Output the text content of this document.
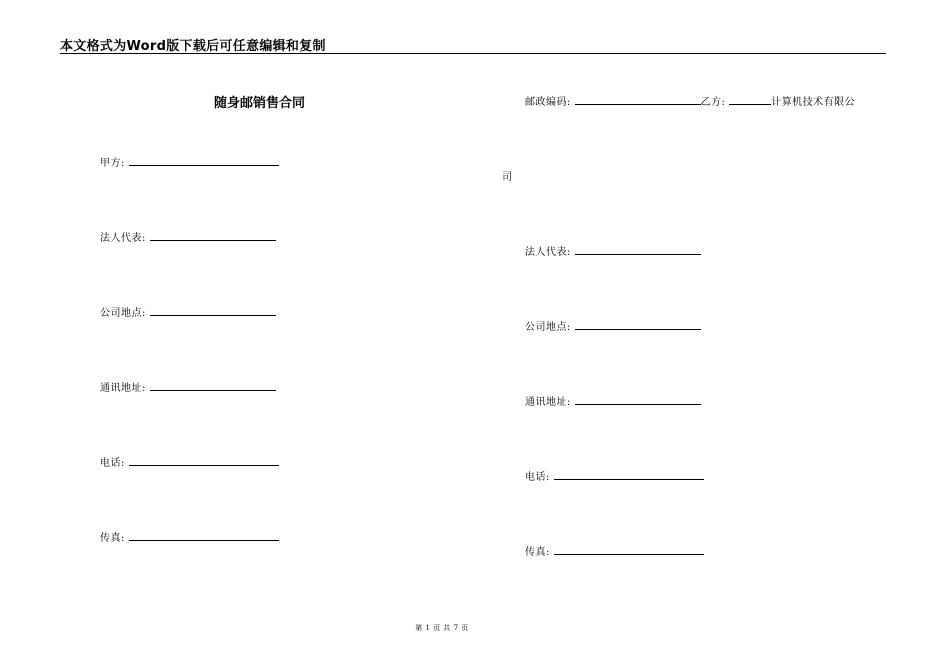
本文格式为Word版下载后可任意编辑和复制
随身邮销售合同
甲方:
法人代表:
公司地点:
通讯地址:
电话:
传真:
邮政编码:	乙方:	计算机技术有限公
司
法人代表:
公司地点:
通讯地址:
电话:
传真:
第 1 页 共 7 页
